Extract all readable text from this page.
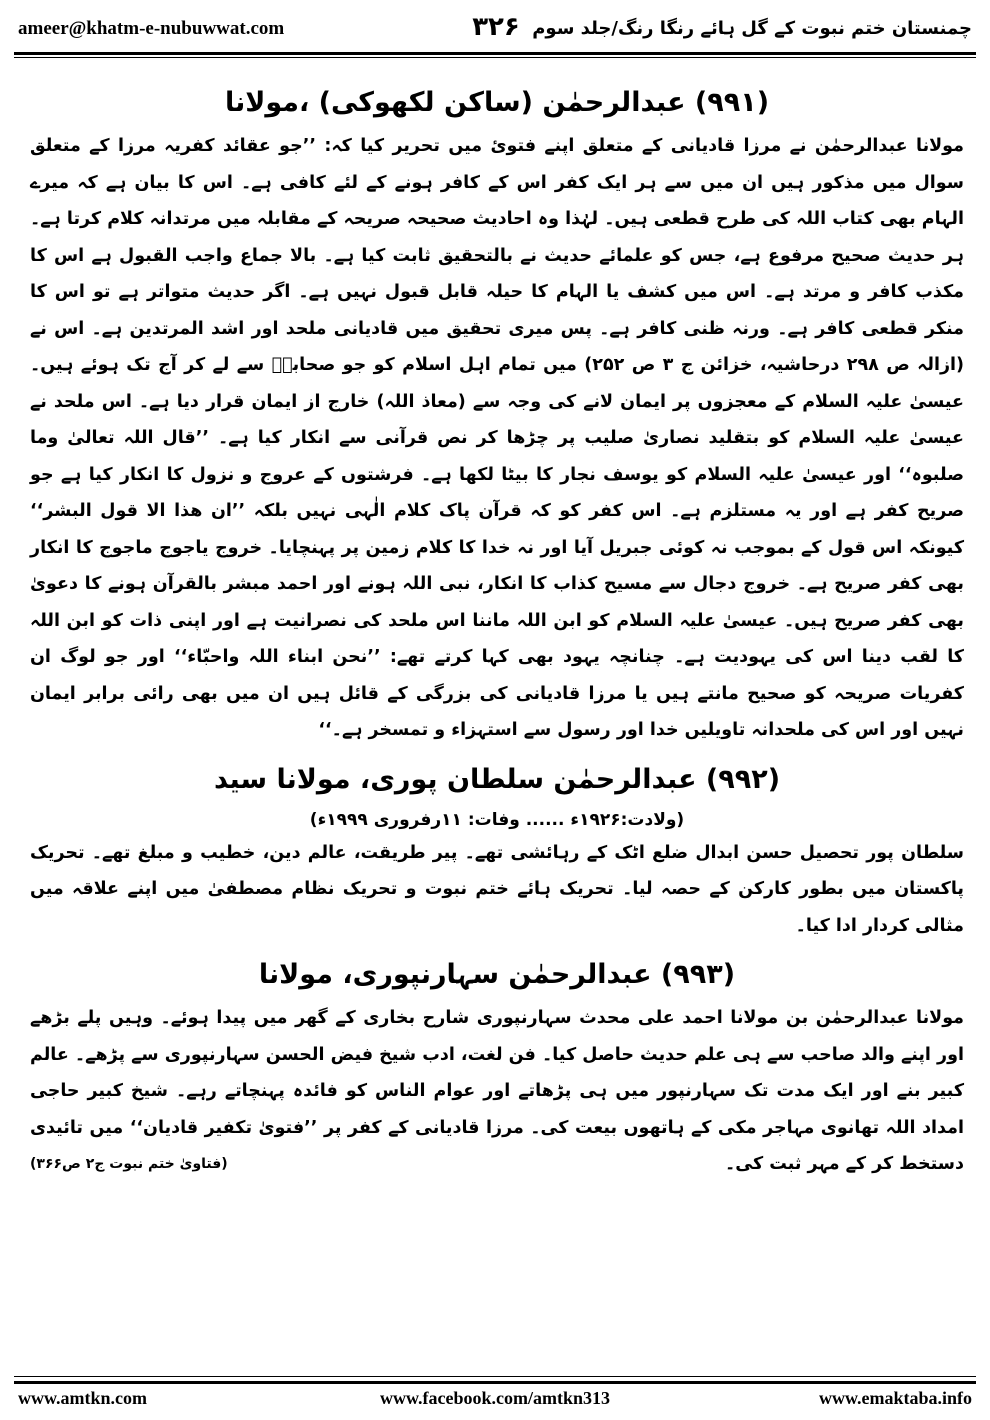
ameer@khatm-e-nubuwwat.com	۳۲۶ چمنستان ختم نبوت کے گل ہائے رنگا رنگ/جلد سوم
(۹۹۱) عبدالرحمٰن (ساکن لکھوکی) ،مولانا

مولانا عبدالرحمٰن نے مرزا قادیانی کے متعلق اپنے فتوئ میں تحریر کیا کہ: ’’جو عقائد کفریہ مرزا کے متعلق سوال میں مذکور ہیں ان میں سے ہر ایک کفر اس کے کافر ہونے کے لئے کافی ہے۔ اس کا بیان ہے کہ میرے الہام بھی کتاب اللہ کی طرح قطعی ہیں۔ لہٰذا وہ احادیث صحیحہ صریحہ کے مقابلہ میں مرتدانہ کلام کرتا ہے۔ ہر حدیث صحیح مرفوع ہے، جس کو علمائے حدیث نے بالتحقیق ثابت کیا ہے۔ بالا جماع واجب القبول ہے اس کا مکذب کافر و مرتد ہے۔ اس میں کشف یا الہام کا حیلہ قابل قبول نہیں ہے۔ اگر حدیث متواتر ہے تو اس کا منکر قطعی کافر ہے۔ ورنہ ظنی کافر ہے۔ پس میری تحقیق میں قادیانی ملحد اور اشد المرتدین ہے۔ اس نے (ازالہ ص ۲۹۸ درحاشیہ، خزائن ج ۳ ص ۲۵۲) میں تمام اہل اسلام کو جو صحابہؓ سے لے کر آج تک ہوئے ہیں۔ عیسیٰ علیہ السلام کے معجزوں پر ایمان لانے کی وجہ سے (معاذ اللہ) خارج از ایمان قرار دیا ہے۔ اس ملحد نے عیسیٰ علیہ السلام کو بتقلید نصاریٰ صلیب پر چڑھا کر نص قرآنی سے انکار کیا ہے۔ ’’قال اللہ تعالیٰ وما صلبوہ‘‘ اور عیسیٰ علیہ السلام کو یوسف نجار کا بیٹا لکھا ہے۔ فرشتوں کے عروج و نزول کا انکار کیا ہے جو صریح کفر ہے اور یہ مستلزم ہے۔ اس کفر کو کہ قرآن پاک کلام الٰہی نہیں بلکہ ’’ان ھذا الا قول البشر‘‘ کیونکہ اس قول کے بموجب نہ کوئی جبریل آیا اور نہ خدا کا کلام زمین پر پہنچایا۔ خروج یاجوج ماجوج کا انکار بھی کفر صریح ہے۔ خروج دجال سے مسیح کذاب کا انکار، نبی اللہ ہونے اور احمد مبشر بالقرآن ہونے کا دعویٰ بھی کفر صریح ہیں۔ عیسیٰ علیہ السلام کو ابن اللہ ماننا اس ملحد کی نصرانیت ہے اور اپنی ذات کو ابن اللہ کا لقب دینا اس کی یہودیت ہے۔ چنانچہ یہود بھی کہا کرتے تھے: ’’نحن ابناء اللہ واحبّاء‘‘ اور جو لوگ ان کفریات صریحہ کو صحیح مانتے ہیں یا مرزا قادیانی کی بزرگی کے قائل ہیں ان میں بھی رائی برابر ایمان نہیں اور اس کی ملحدانہ تاویلیں خدا اور رسول سے استہزاء و تمسخر ہے۔‘‘

(۹۹۲) عبدالرحمٰن سلطان پوری، مولانا سید

(ولادت:۱۹۲۶ء ...... وفات: ۱۱رفروری ۱۹۹۹ء)

سلطان پور تحصیل حسن ابدال ضلع اٹک کے رہائشی تھے۔ پیر طریقت، عالم دین، خطیب و مبلغ تھے۔ تحریک پاکستان میں بطور کارکن کے حصہ لیا۔ تحریک ہائے ختم نبوت و تحریک نظام مصطفیٰ میں اپنے علاقہ میں مثالی کردار ادا کیا۔

(۹۹۳) عبدالرحمٰن سہارنپوری، مولانا

مولانا عبدالرحمٰن بن مولانا احمد علی محدث سہارنپوری شارح بخاری کے گھر میں پیدا ہوئے۔ وہیں پلے بڑھے اور اپنے والد صاحب سے ہی علم حدیث حاصل کیا۔ فن لغت، ادب شیخ فیض الحسن سہارنپوری سے پڑھے۔ عالم کبیر بنے اور ایک مدت تک سہارنپور میں ہی پڑھاتے اور عوام الناس کو فائدہ پہنچاتے رہے۔ شیخ کبیر حاجی امداد اللہ تھانوی مہاجر مکی کے ہاتھوں بیعت کی۔ مرزا قادیانی کے کفر پر ’’فتویٰ تکفیر قادیان‘‘ میں تائیدی دستخط کر کے مہر ثبت کی۔
(فتاویٰ ختم نبوت ج۲ ص۳۶۶)

www.amtkn.com	www.facebook.com/amtkn313	www.emaktaba.info
